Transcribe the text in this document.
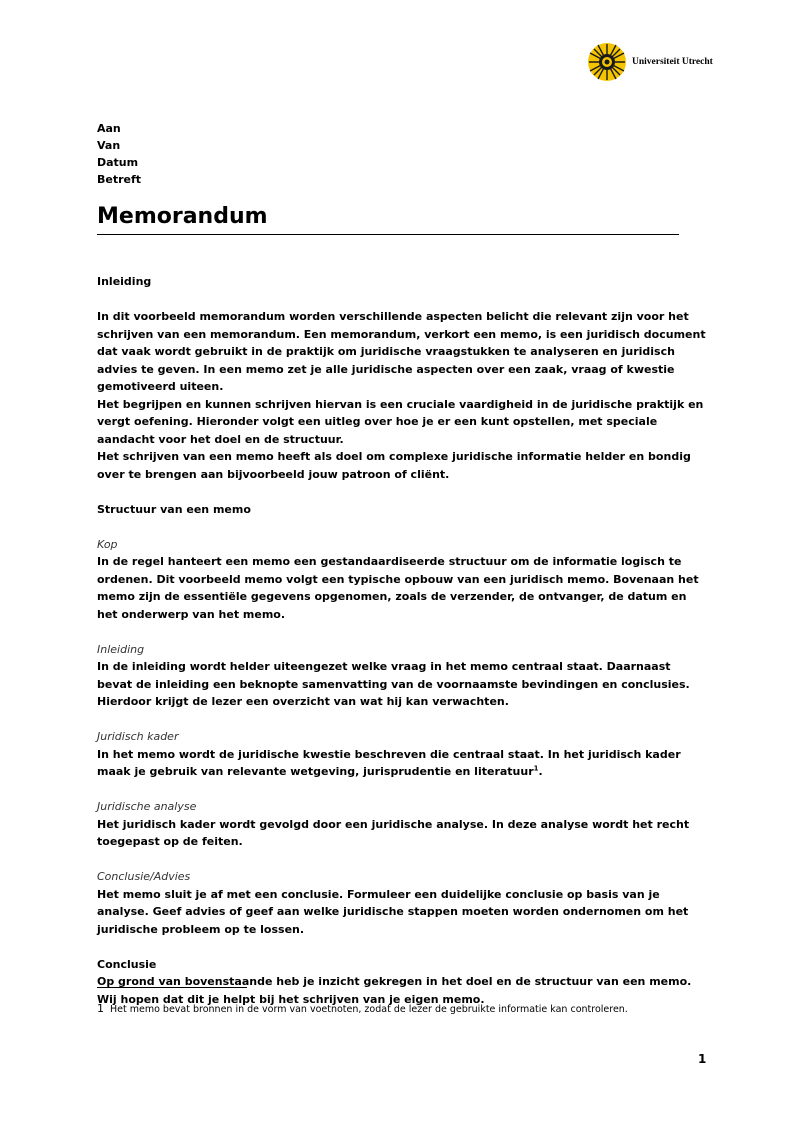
Universiteit Utrecht
Aan
Van
Datum
Betreft
Memorandum

Inleiding

In dit voorbeeld memorandum worden verschillende aspecten belicht die relevant zijn voor het schrijven van een memorandum. Een memorandum, verkort een memo, is een juridisch document dat vaak wordt gebruikt in de praktijk om juridische vraagstukken te analyseren en juridisch advies te geven. In een memo zet je alle juridische aspecten over een zaak, vraag of kwestie gemotiveerd uiteen.

Het begrijpen en kunnen schrijven hiervan is een cruciale vaardigheid in de juridische praktijk en vergt oefening. Hieronder volgt een uitleg over hoe je er een kunt opstellen, met speciale aandacht voor het doel en de structuur.

Het schrijven van een memo heeft als doel om complexe juridische informatie helder en bondig over te brengen aan bijvoorbeeld jouw patroon of cliënt.

Structuur van een memo

Kop

In de regel hanteert een memo een gestandaardiseerde structuur om de informatie logisch te ordenen. Dit voorbeeld memo volgt een typische opbouw van een juridisch memo. Bovenaan het memo zijn de essentiële gegevens opgenomen, zoals de verzender, de ontvanger, de datum en het onderwerp van het memo.

Inleiding

In de inleiding wordt helder uiteengezet welke vraag in het memo centraal staat. Daarnaast bevat de inleiding een beknopte samenvatting van de voornaamste bevindingen en conclusies. Hierdoor krijgt de lezer een overzicht van wat hij kan verwachten.

Juridisch kader

In het memo wordt de juridische kwestie beschreven die centraal staat. In het juridisch kader maak je gebruik van relevante wetgeving, jurisprudentie en literatuur$^1$.

Juridische analyse

Het juridisch kader wordt gevolgd door een juridische analyse. In deze analyse wordt het recht toegepast op de feiten.

Conclusie/Advies

Het memo sluit je af met een conclusie. Formuleer een duidelijke conclusie op basis van je analyse. Geef advies of geef aan welke juridische stappen moeten worden ondernomen om het juridische probleem op te lossen.

Conclusie

Op grond van bovenstaande heb je inzicht gekregen in het doel en de structuur van een memo. Wij hopen dat dit je helpt bij het schrijven van je eigen memo.

1 Het memo bevat bronnen in de vorm van voetnoten, zodat de lezer de gebruikte informatie kan controleren.
1
